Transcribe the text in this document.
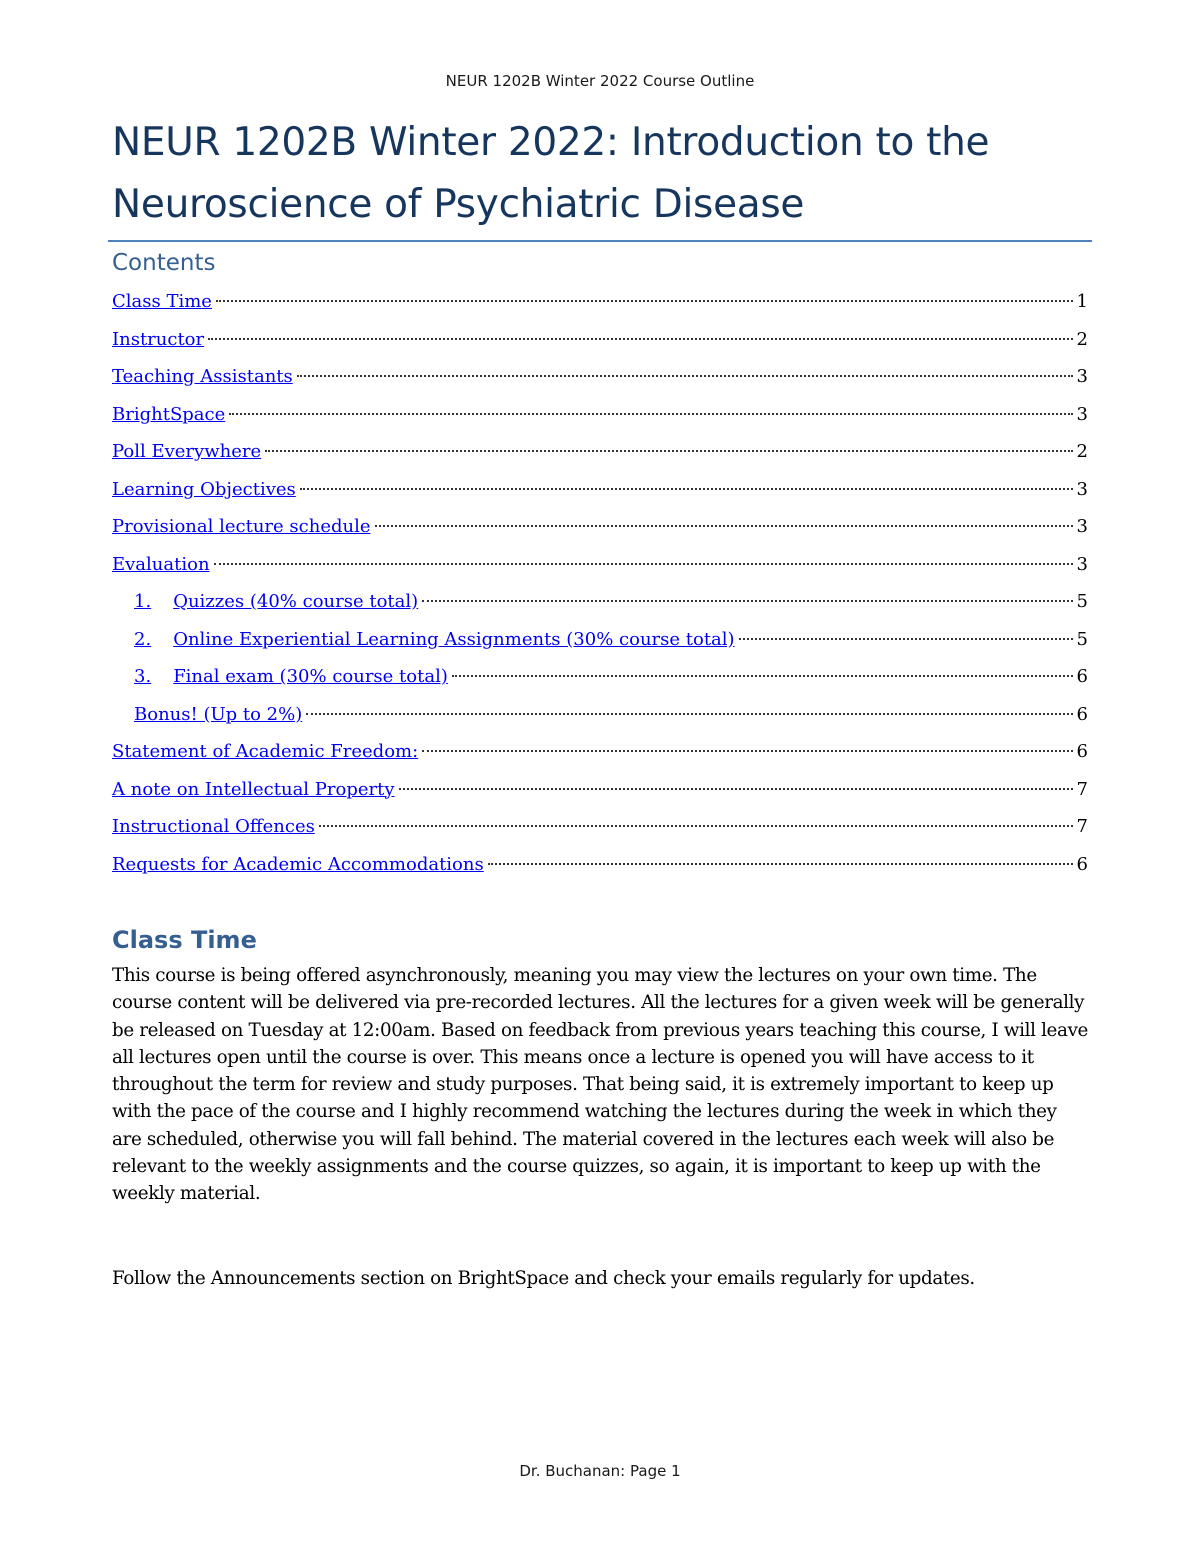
NEUR 1202B Winter 2022 Course Outline
NEUR 1202B Winter 2022: Introduction to the Neuroscience of Psychiatric Disease
Contents
Class Time	1
Instructor	2
Teaching Assistants	3
BrightSpace	3
Poll Everywhere	2
Learning Objectives	3
Provisional lecture schedule	3
Evaluation	3
1. Quizzes (40% course total)	5
2. Online Experiential Learning Assignments (30% course total)	5
3. Final exam (30% course total)	6
Bonus! (Up to 2%)	6
Statement of Academic Freedom:	6
A note on Intellectual Property	7
Instructional Offences	7
Requests for Academic Accommodations	6
Class Time

This course is being offered asynchronously, meaning you may view the lectures on your own time. The course content will be delivered via pre-recorded lectures. All the lectures for a given week will be generally be released on Tuesday at 12:00am. Based on feedback from previous years teaching this course, I will leave all lectures open until the course is over. This means once a lecture is opened you will have access to it throughout the term for review and study purposes. That being said, it is extremely important to keep up with the pace of the course and I highly recommend watching the lectures during the week in which they are scheduled, otherwise you will fall behind. The material covered in the lectures each week will also be relevant to the weekly assignments and the course quizzes, so again, it is important to keep up with the weekly material.

Follow the Announcements section on BrightSpace and check your emails regularly for updates.

Dr. Buchanan: Page 1
